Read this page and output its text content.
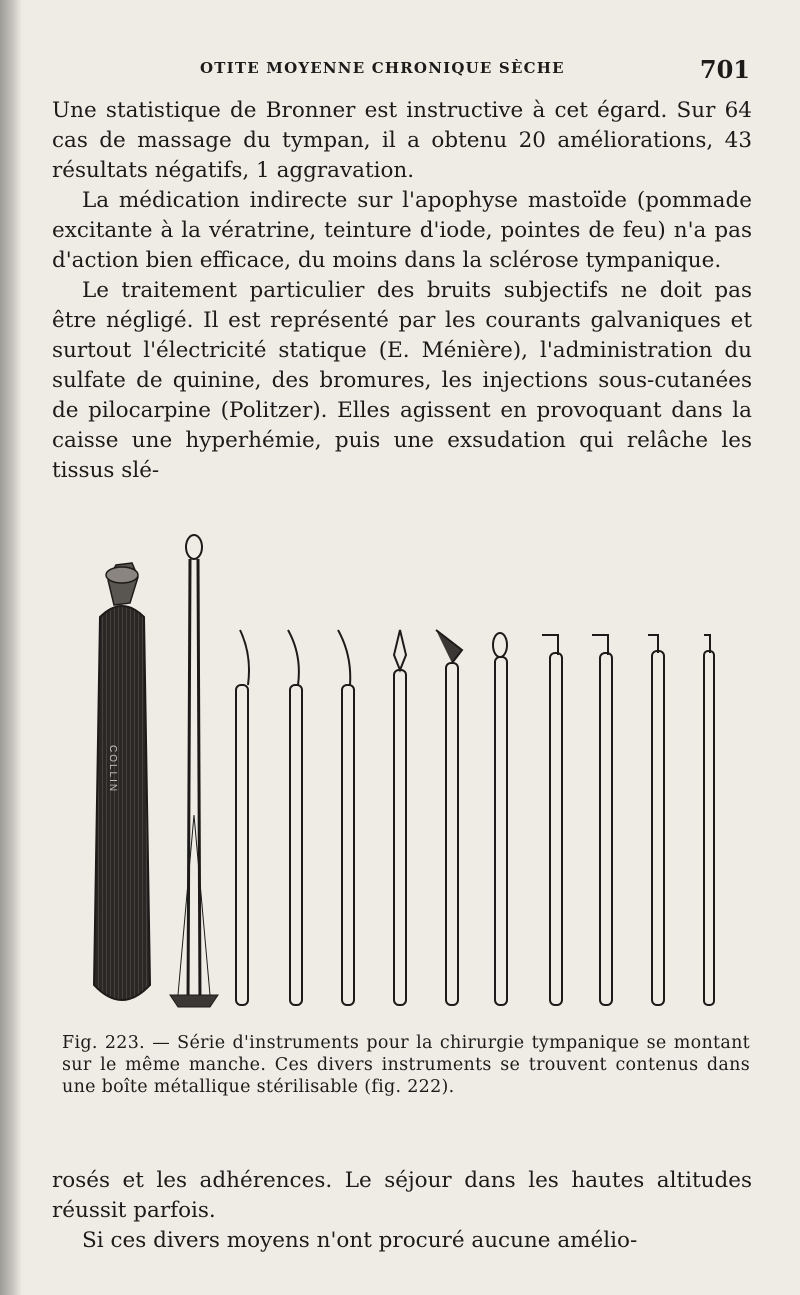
OTITE MOYENNE CHRONIQUE SÈCHE	701

Une statistique de Bronner est instructive à cet égard. Sur 64 cas de massage du tympan, il a obtenu 20 améliorations, 43 résultats négatifs, 1 aggravation.

La médication indirecte sur l'apophyse mastoïde (pommade excitante à la vératrine, teinture d'iode, pointes de feu) n'a pas d'action bien efficace, du moins dans la sclérose tympanique.

Le traitement particulier des bruits subjectifs ne doit pas être négligé. Il est représenté par les courants galvaniques et surtout l'électricité statique (E. Ménière), l'administration du sulfate de quinine, des bromures, les injections sous-cutanées de pilocarpine (Politzer). Elles agissent en provoquant dans la caisse une hyperhémie, puis une exsudation qui relâche les tissus slé-

COLLIN
Fig. 223. — Série d'instruments pour la chirurgie tympanique se montant sur le même manche. Ces divers instruments se trouvent contenus dans une boîte métallique stérilisable (fig. 222).

rosés et les adhérences. Le séjour dans les hautes altitudes réussit parfois.

Si ces divers moyens n'ont procuré aucune amélio-
